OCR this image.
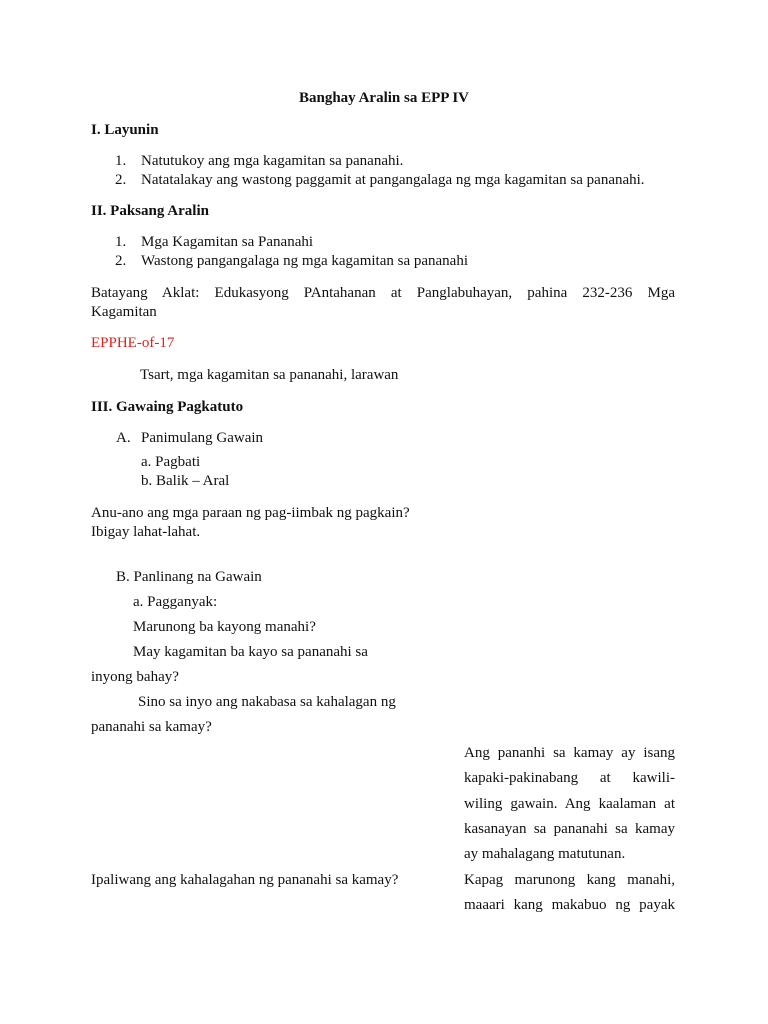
Banghay Aralin sa EPP IV
I. Layunin
1. Natutukoy ang mga kagamitan sa pananahi.
2. Natatalakay ang wastong paggamit at pangangalaga ng mga kagamitan sa pananahi.
II. Paksang Aralin
1. Mga Kagamitan sa Pananahi
2. Wastong pangangalaga ng mga kagamitan sa pananahi
Batayang Aklat: Edukasyong PAntahanan at Panglabuhayan, pahina 232-236 Mga
Kagamitan
EPPHE-of-17
Tsart, mga kagamitan sa pananahi, larawan
III. Gawaing Pagkatuto
A. Panimulang Gawain
a. Pagbati
b. Balik – Aral
Anu-ano ang mga paraan ng pag-iimbak ng pagkain?
Ibigay lahat-lahat.
B. Panlinang na Gawain
a. Pagganyak:
Marunong ba kayong manahi?
May kagamitan ba kayo sa pananahi sa
inyong bahay?
Sino sa inyo ang nakabasa sa kahalagan ng
pananahi sa kamay?
Ang pananhi sa kamay ay isang
kapaki-pakinabang at kawili-
wiling gawain. Ang kaalaman at
kasanayan sa pananahi sa kamay
ay mahalagang matutunan.
Ipaliwang ang kahalagahan ng pananahi sa kamay?	Kapag marunong kang manahi,
maaari kang makabuo ng payak
